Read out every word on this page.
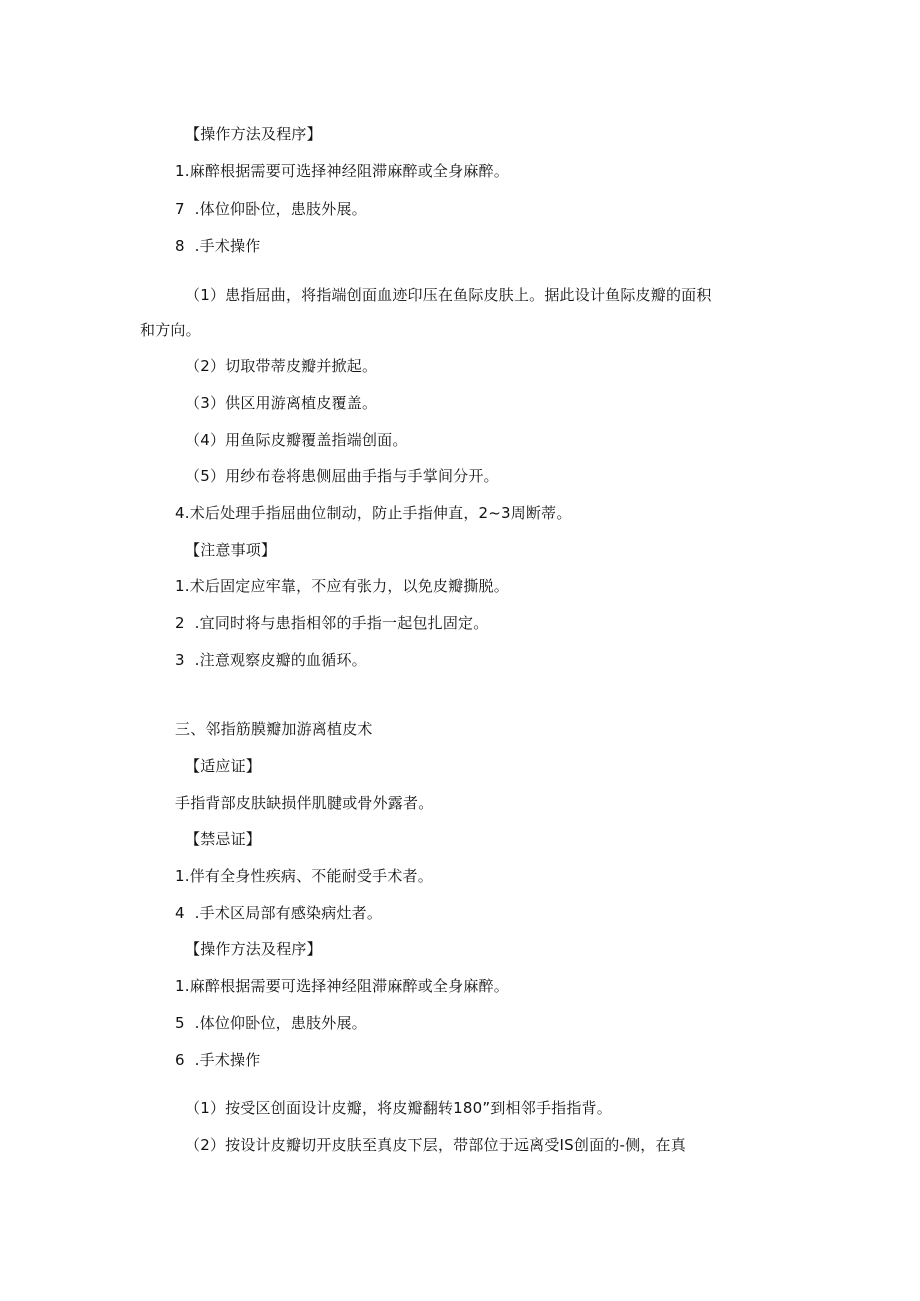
【操作方法及程序】
1.麻醉根据需要可选择神经阻滞麻醉或全身麻醉。
7  .体位仰卧位，患肢外展。
8  .手术操作
（1）患指屈曲，将指端创面血迹印压在鱼际皮肤上。据此设计鱼际皮瓣的面积
和方向。
（2）切取带蒂皮瓣并掀起。
（3）供区用游离植皮覆盖。
（4）用鱼际皮瓣覆盖指端创面。
（5）用纱布卷将患侧屈曲手指与手掌间分开。
4.术后处理手指屈曲位制动，防止手指伸直，2~3周断蒂。
【注意事项】
1.术后固定应牢靠，不应有张力，以免皮瓣撕脱。
2  .宜同时将与患指相邻的手指一起包扎固定。
3  .注意观察皮瓣的血循环。
三、邻指筋膜瓣加游离植皮术
【适应证】
手指背部皮肤缺损伴肌腱或骨外露者。
【禁忌证】
1.伴有全身性疾病、不能耐受手术者。
4  .手术区局部有感染病灶者。
【操作方法及程序】
1.麻醉根据需要可选择神经阻滞麻醉或全身麻醉。
5  .体位仰卧位，患肢外展。
6  .手术操作
（1）按受区创面设计皮瓣，将皮瓣翻转180”到相邻手指指背。
（2）按设计皮瓣切开皮肤至真皮下层，带部位于远离受IS创面的-侧，在真
